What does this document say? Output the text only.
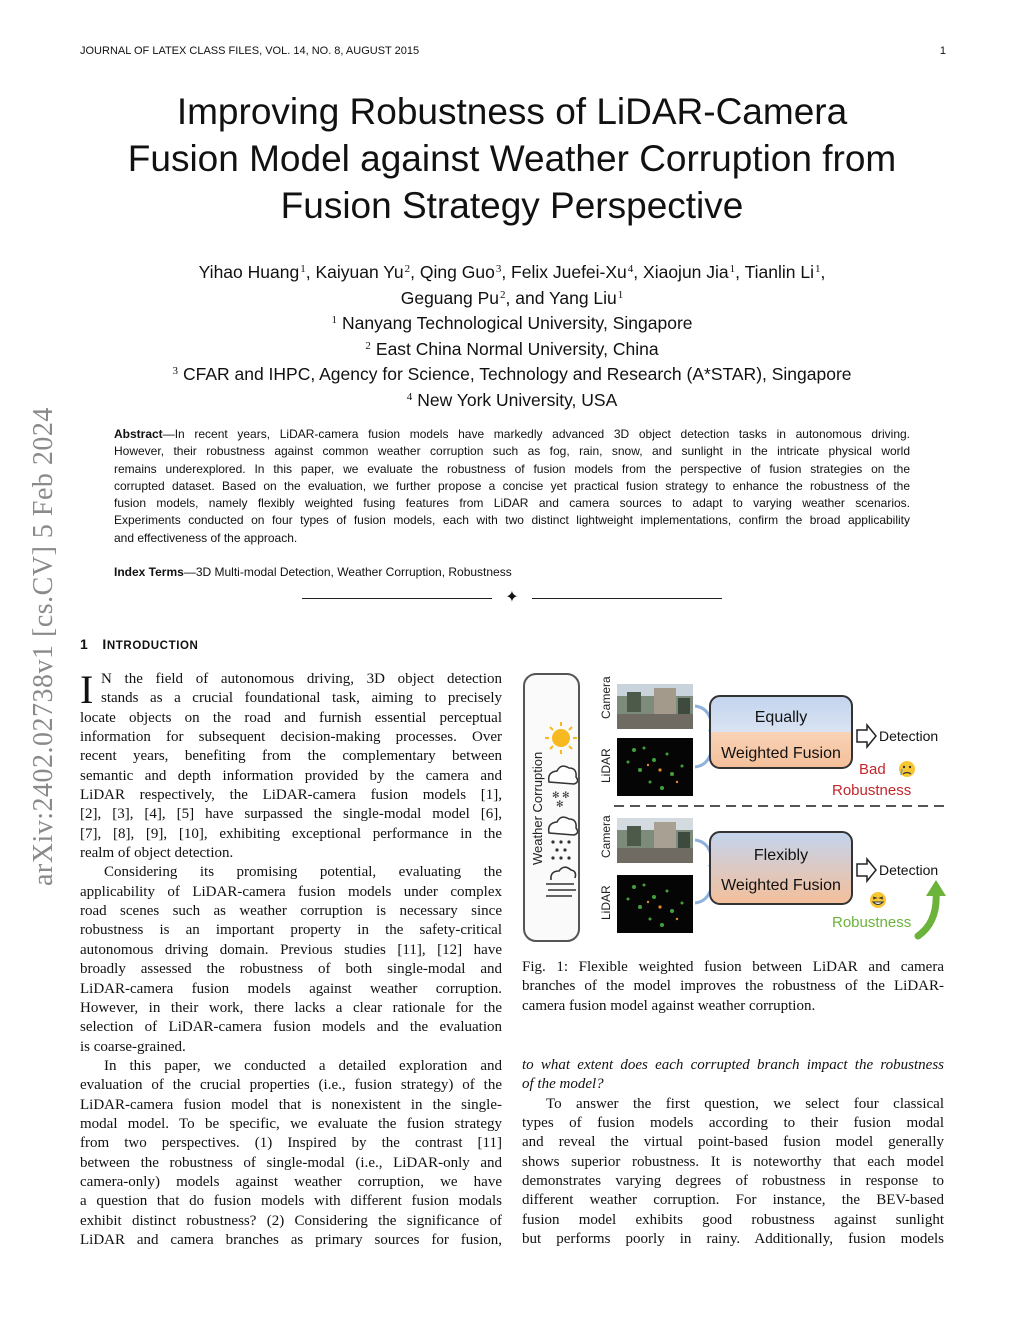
JOURNAL OF LATEX CLASS FILES, VOL. 14, NO. 8, AUGUST 2015	1
arXiv:2402.02738v1 [cs.CV] 5 Feb 2024
Improving Robustness of LiDAR-Camera
Fusion Model against Weather Corruption from
Fusion Strategy Perspective
Yihao Huang$^1$, Kaiyuan Yu$^2$, Qing Guo$^3$, Felix Juefei-Xu$^4$, Xiaojun Jia$^1$, Tianlin Li$^1$,
Geguang Pu$^2$, and Yang Liu$^1$
$^1$ Nanyang Technological University, Singapore
$^2$ East China Normal University, China
$^3$ CFAR and IHPC, Agency for Science, Technology and Research (A*STAR), Singapore
$^4$ New York University, USA
Abstract—In recent years, LiDAR-camera fusion models have markedly advanced 3D object detection tasks in autonomous driving.
However, their robustness against common weather corruption such as fog, rain, snow, and sunlight in the intricate physical world
remains underexplored. In this paper, we evaluate the robustness of fusion models from the perspective of fusion strategies on the
corrupted dataset. Based on the evaluation, we further propose a concise yet practical fusion strategy to enhance the robustness of the
fusion models, namely flexibly weighted fusing features from LiDAR and camera sources to adapt to varying weather scenarios.
Experiments conducted on four types of fusion models, each with two distinct lightweight implementations, confirm the broad applicability
and effectiveness of the approach.
Index Terms—3D Multi-modal Detection, Weather Corruption, Robustness
✦
1 INTRODUCTION
I N the field of autonomous driving, 3D object detection
stands as a crucial foundational task, aiming to precisely
locate objects on the road and furnish essential perceptual
information for subsequent decision-making processes. Over
recent years, benefiting from the complementary between
semantic and depth information provided by the camera and
LiDAR respectively, the LiDAR-camera fusion models [1],
[2], [3], [4], [5] have surpassed the single-modal model [6],
[7], [8], [9], [10], exhibiting exceptional performance in the
realm of object detection.
Considering its promising potential, evaluating the
applicability of LiDAR-camera fusion models under complex
road scenes such as weather corruption is necessary since
robustness is an important property in the safety-critical
autonomous driving domain. Previous studies [11], [12] have
broadly assessed the robustness of both single-modal and
LiDAR-camera fusion models against weather corruption.
However, in their work, there lacks a clear rationale for the
selection of LiDAR-camera fusion models and the evaluation
is coarse-grained.
In this paper, we conducted a detailed exploration and
evaluation of the crucial properties (i.e., fusion strategy) of the
LiDAR-camera fusion model that is nonexistent in the single-
modal model. To be specific, we evaluate the fusion strategy
from two perspectives. (1) Inspired by the contrast [11]
between the robustness of single-modal (i.e., LiDAR-only and
camera-only) models against weather corruption, we have
a question that do fusion models with different fusion modals
exhibit distinct robustness? (2) Considering the significance of
LiDAR and camera branches as primary sources for fusion,
Weather Corruption ✻ ✻
✻
Camera
LiDAR
Equally
Weighted Fusion
Detection
Bad
Robustness
Camera
LiDAR
Flexibly
Weighted Fusion
Detection
Robustness
Fig. 1: Flexible weighted fusion between LiDAR and camera
branches of the model improves the robustness of the LiDAR-
camera fusion model against weather corruption.
to what extent does each corrupted branch impact the robustness
of the model?
To answer the first question, we select four classical
types of fusion models according to their fusion modal
and reveal the virtual point-based fusion model generally
shows superior robustness. It is noteworthy that each model
demonstrates varying degrees of robustness in response to
different weather corruption. For instance, the BEV-based
fusion model exhibits good robustness against sunlight
but performs poorly in rainy. Additionally, fusion models
